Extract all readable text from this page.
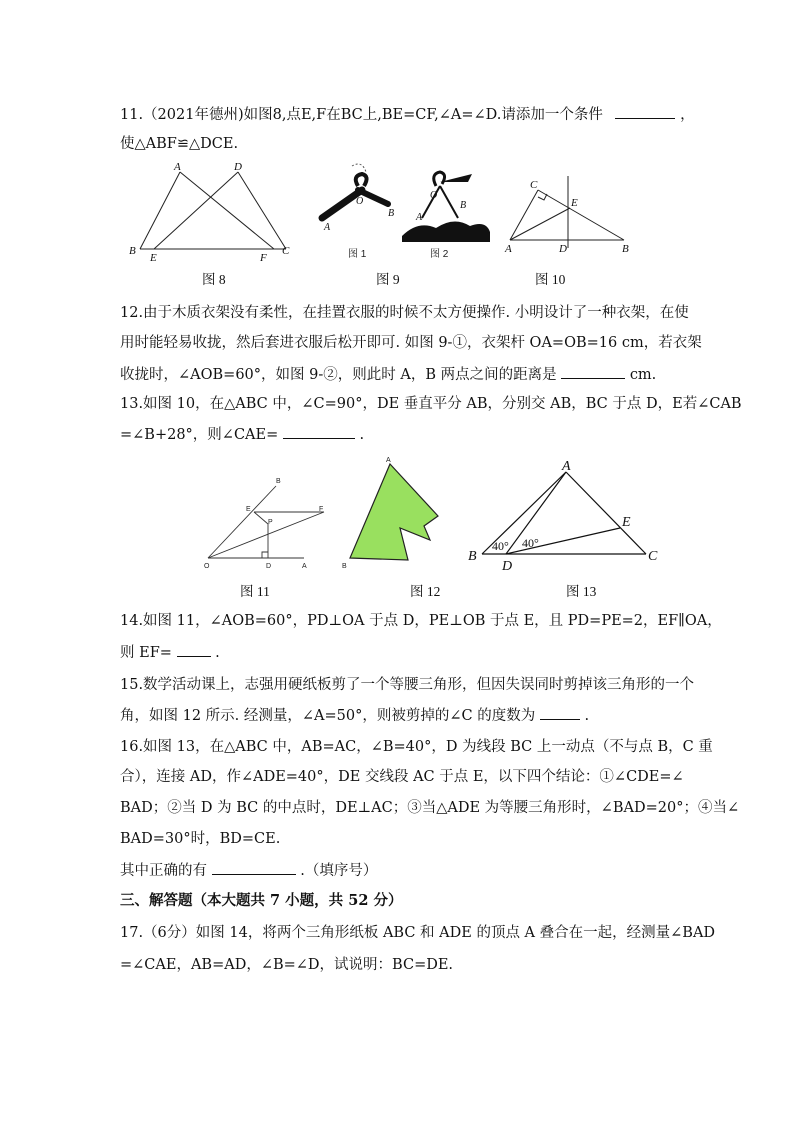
11.（2021年德州)如图8,点E,F在BC上,BE=CF,∠A=∠D.请添加一个条件	，
使△ABF≌△DCE.
A	D
B
E	F
C
图 8
O
A
B
图 1
O
A
B
图 2
图 9
C
E
A	D	B
图 10
12.由于木质衣架没有柔性，在挂置衣服的时候不太方便操作. 小明设计了一种衣架，在使
用时能轻易收拢，然后套进衣服后松开即可. 如图 9-①，衣架杆 OA=OB=16 cm，若衣架
收拢时，∠AOB=60°，如图 9-②，则此时 A，B 两点之间的距离是	cm.
13.如图 10，在△ABC 中，∠C=90°，DE 垂直平分 AB，分别交 AB，BC 于点 D，E若∠CAB
=∠B+28°，则∠CAE=	.
B
E	F
P
O	D	A
图 11
A
B
图 12
A
E
B
D
C
40° 40°
图 13
14.如图 11，∠AOB=60°，PD⊥OA 于点 D，PE⊥OB 于点 E，且 PD=PE=2，EF∥OA，
则 EF=	.
15.数学活动课上，志强用硬纸板剪了一个等腰三角形，但因失误同时剪掉该三角形的一个
角，如图 12 所示. 经测量，∠A=50°，则被剪掉的∠C 的度数为	.
16.如图 13，在△ABC 中，AB=AC，∠B=40°，D 为线段 BC 上一动点（不与点 B，C 重
合），连接 AD，作∠ADE=40°，DE 交线段 AC 于点 E，以下四个结论：①∠CDE=∠
BAD；②当 D 为 BC 的中点时，DE⊥AC；③当△ADE 为等腰三角形时，∠BAD=20°；④当∠
BAD=30°时，BD=CE.
其中正确的有	.（填序号）
三、解答题（本大题共 7 小题，共 52 分）
17.（6分）如图 14，将两个三角形纸板 ABC 和 ADE 的顶点 A 叠合在一起，经测量∠BAD
=∠CAE，AB=AD，∠B=∠D，试说明：BC=DE.
